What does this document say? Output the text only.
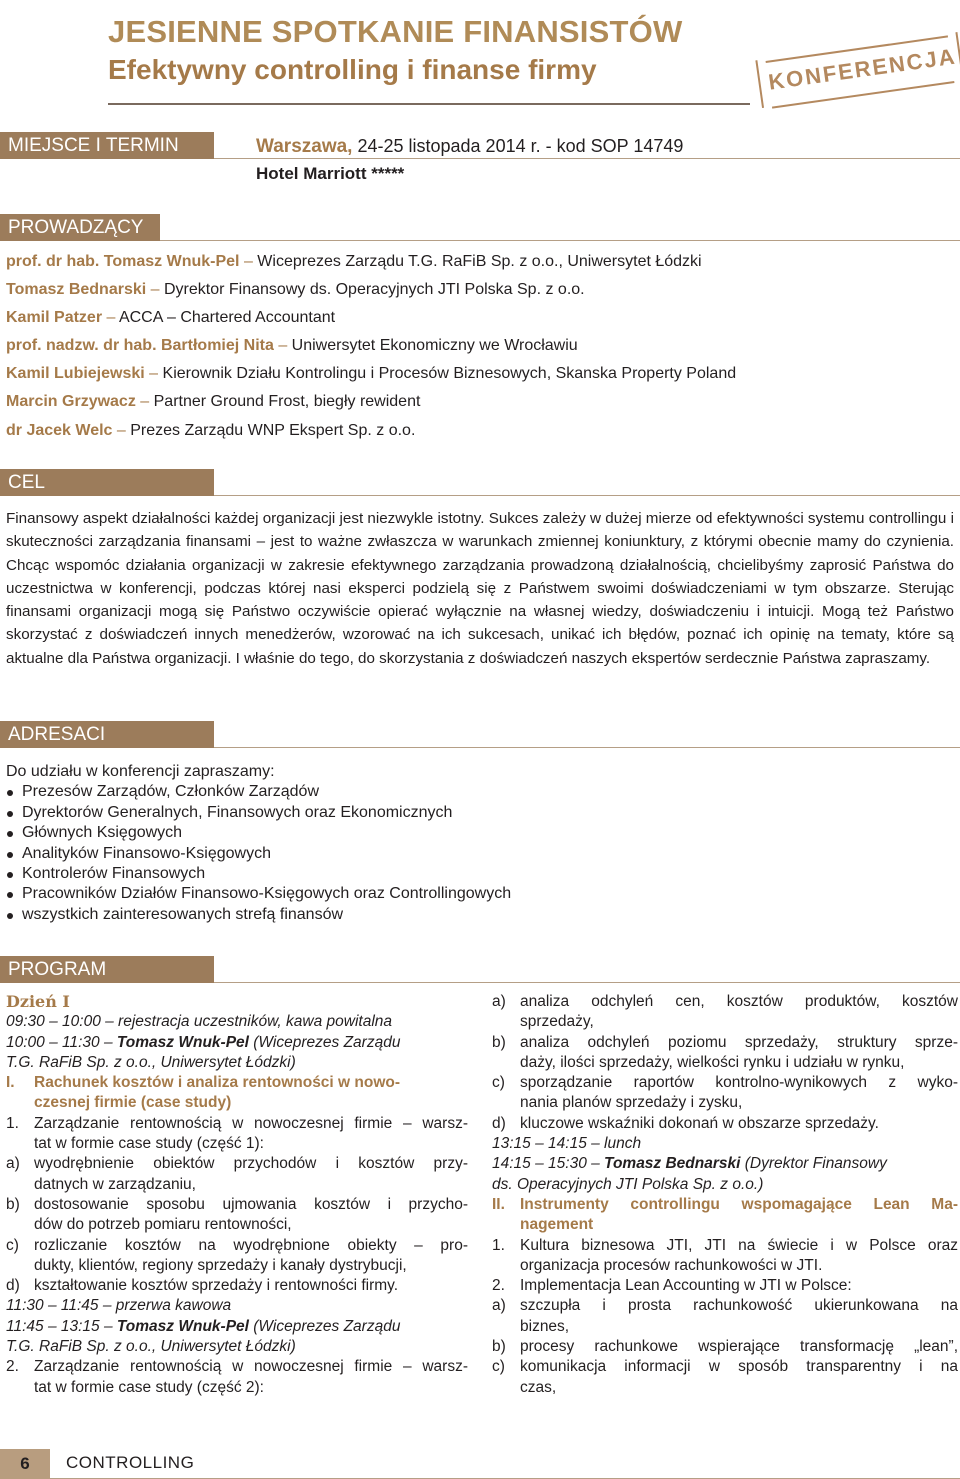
JESIENNE SPOTKANIE FINANSISTÓW
Efektywny controlling i finanse firmy	KONFERENCJA
MIEJSCE I TERMIN	Warszawa, 24-25 listopada 2014 r. - kod SOP 14749
Hotel Marriott *****
PROWADZĄCY
prof. dr hab. Tomasz Wnuk-Pel – Wiceprezes Zarządu T.G. RaFiB Sp. z o.o., Uniwersytet Łódzki
Tomasz Bednarski – Dyrektor Finansowy ds. Operacyjnych JTI Polska Sp. z o.o.
Kamil Patzer – ACCA – Chartered Accountant
prof. nadzw. dr hab. Bartłomiej Nita – Uniwersytet Ekonomiczny we Wrocławiu
Kamil Lubiejewski – Kierownik Działu Kontrolingu i Procesów Biznesowych, Skanska Property Poland
Marcin Grzywacz – Partner Ground Frost, biegły rewident
dr Jacek Welc – Prezes Zarządu WNP Ekspert Sp. z o.o.
CEL
Finansowy aspekt działalności każdej organizacji jest niezwykle istotny. Sukces zależy w dużej mierze od efektywności systemu controllingu i skuteczności zarządzania finansami – jest to ważne zwłaszcza w warunkach zmiennej koniunktury, z którymi obecnie mamy do czynienia. Chcąc wspomóc działania organizacji w zakresie efektywnego zarządzania prowadzoną działalnością, chcielibyśmy zaprosić Państwa do uczestnictwa w konferencji, podczas której nasi eksperci podzielą się z Państwem swoimi doświadczeniami w tym obszarze. Sterując finansami organizacji mogą się Państwo oczywiście opierać wyłącznie na własnej wiedzy, doświadczeniu i intuicji. Mogą też Państwo skorzystać z doświadczeń innych menedżerów, wzorować na ich sukcesach, unikać ich błędów, poznać ich opinię na tematy, które są aktualne dla Państwa organizacji. I właśnie do tego, do skorzystania z doświadczeń naszych ekspertów serdecznie Państwa zapraszamy.
ADRESACI
Do udziału w konferencji zapraszamy:
Prezesów Zarządów, Członków Zarządów
Dyrektorów Generalnych, Finansowych oraz Ekonomicznych
Głównych Księgowych
Analityków Finansowo-Księgowych
Kontrolerów Finansowych
Pracowników Działów Finansowo-Księgowych oraz Controllingowych
wszystkich zainteresowanych strefą finansów
PROGRAM
Dzień I
09:30 – 10:00 – rejestracja uczestników, kawa powitalna
10:00 – 11:30 – Tomasz Wnuk-Pel (Wiceprezes Zarządu
T.G. RaFiB Sp. z o.o., Uniwersytet Łódzki)
I. Rachunek kosztów i analiza rentowności w nowo-
czesnej firmie (case study)
1. Zarządzanie rentownością w nowoczesnej firmie – warsz-
tat w formie case study (część 1):
a) wyodrębnienie obiektów przychodów i kosztów przy-
datnych w zarządzaniu,
b) dostosowanie sposobu ujmowania kosztów i przycho-
dów do potrzeb pomiaru rentowności,
c) rozliczanie kosztów na wyodrębnione obiekty – pro-
dukty, klientów, regiony sprzedaży i kanały dystrybucji,
d) kształtowanie kosztów sprzedaży i rentowności firmy.
11:30 – 11:45 – przerwa kawowa
11:45 – 13:15 – Tomasz Wnuk-Pel (Wiceprezes Zarządu
T.G. RaFiB Sp. z o.o., Uniwersytet Łódzki)
2. Zarządzanie rentownością w nowoczesnej firmie – warsz-
tat w formie case study (część 2):
a) analiza odchyleń cen, kosztów produktów, kosztów
sprzedaży,
b) analiza odchyleń poziomu sprzedaży, struktury sprze-
daży, ilości sprzedaży, wielkości rynku i udziału w rynku,
c) sporządzanie raportów kontrolno-wynikowych z wyko-
nania planów sprzedaży i zysku,
d) kluczowe wskaźniki dokonań w obszarze sprzedaży.
13:15 – 14:15 – lunch
14:15 – 15:30 – Tomasz Bednarski (Dyrektor Finansowy
ds. Operacyjnych JTI Polska Sp. z o.o.)
II. Instrumenty controllingu wspomagające Lean Ma-
nagement
1. Kultura biznesowa JTI, JTI na świecie i w Polsce oraz
organizacja procesów rachunkowości w JTI.
2. Implementacja Lean Accounting w JTI w Polsce:
a) szczupła i prosta rachunkowość ukierunkowana na
biznes,
b) procesy rachunkowe wspierające transformację „lean”,
c) komunikacja informacji w sposób transparentny i na
czas,
6	CONTROLLING
